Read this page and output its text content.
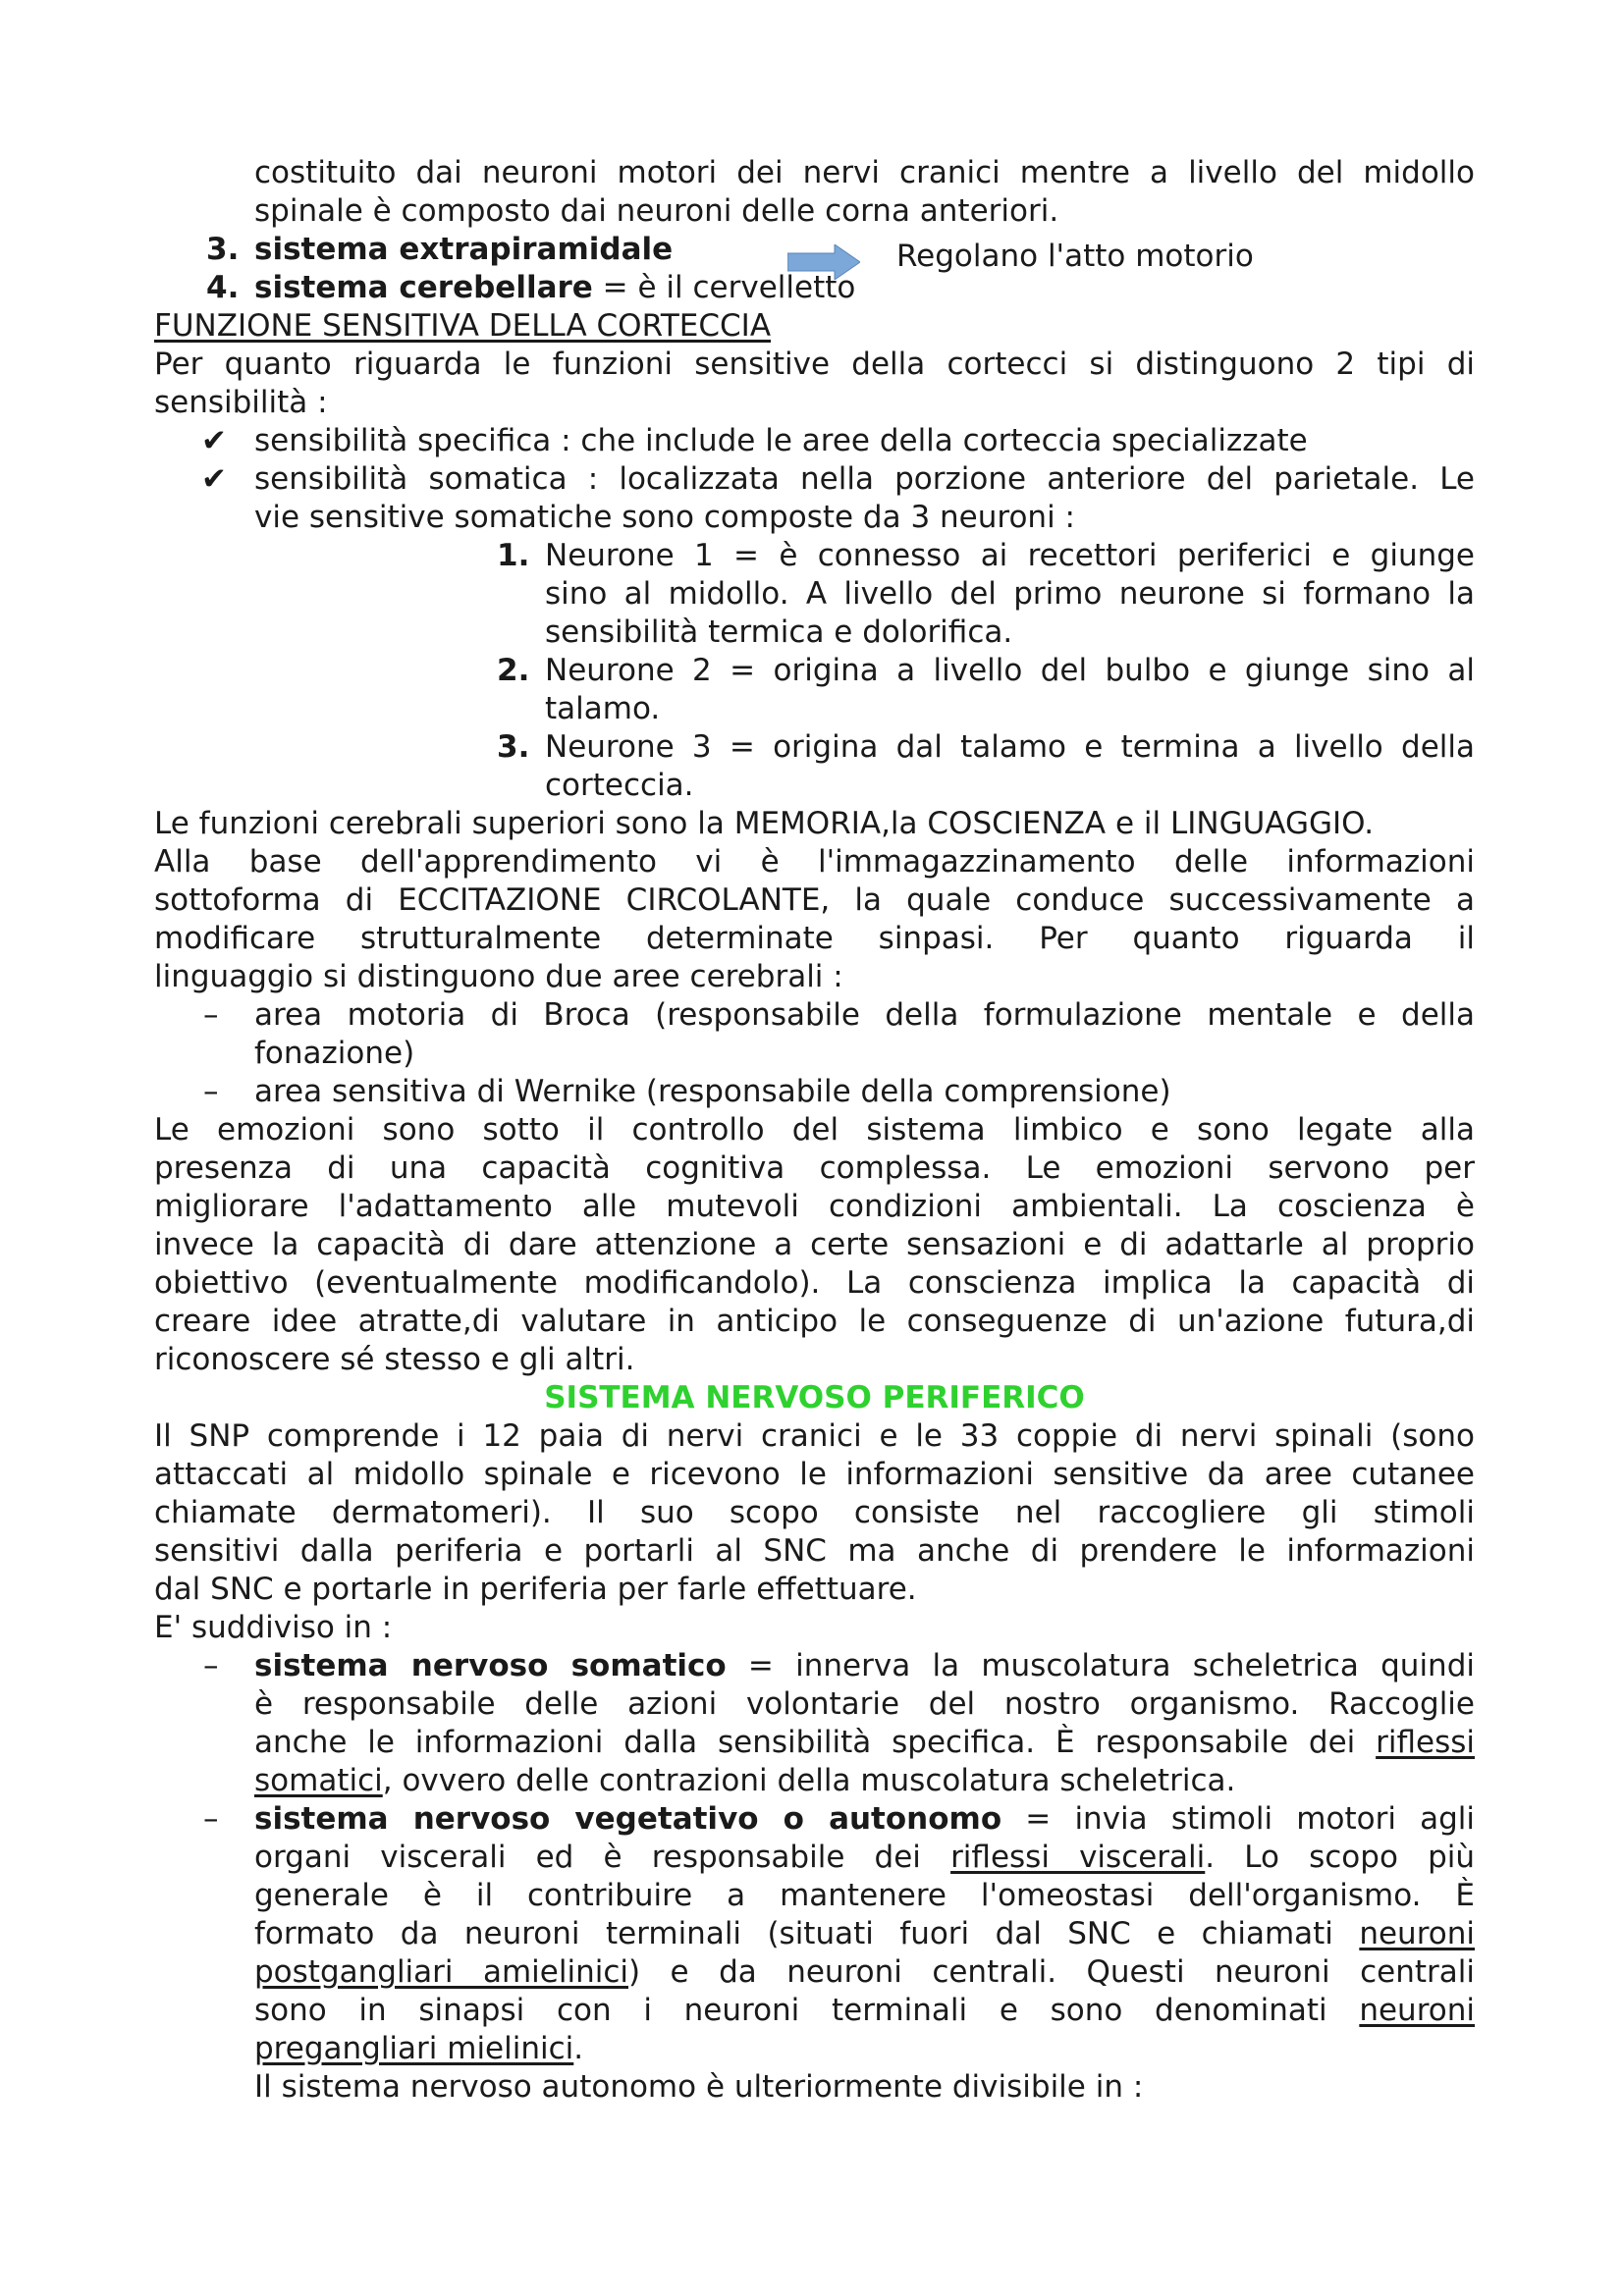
costituito dai neuroni motori dei nervi cranici mentre a livello del midollo
spinale è composto dai neuroni delle corna anteriori.
3. sistema extrapiramidale
4. sistema cerebellare = è il cervelletto
Regolano l'atto motorio
FUNZIONE SENSITIVA DELLA CORTECCIA
Per quanto riguarda le funzioni sensitive della cortecci si distinguono 2 tipi di
sensibilità :
✔ sensibilità specifica : che include le aree della corteccia specializzate
✔ sensibilità somatica : localizzata nella porzione anteriore del parietale. Le
vie sensitive somatiche sono composte da 3 neuroni :
1. Neurone 1 = è connesso ai recettori periferici e giunge
sino al midollo. A livello del primo neurone si formano la
sensibilità termica e dolorifica.
2. Neurone 2 = origina a livello del bulbo e giunge sino al
talamo.
3. Neurone 3 = origina dal talamo e termina a livello della
corteccia.
Le funzioni cerebrali superiori sono la MEMORIA,la COSCIENZA e il LINGUAGGIO.
Alla base dell'apprendimento vi è l'immagazzinamento delle informazioni
sottoforma di ECCITAZIONE CIRCOLANTE, la quale conduce successivamente a
modificare strutturalmente determinate sinpasi. Per quanto riguarda il
linguaggio si distinguono due aree cerebrali :
– area motoria di Broca (responsabile della formulazione mentale e della
fonazione)
– area sensitiva di Wernike (responsabile della comprensione)
Le emozioni sono sotto il controllo del sistema limbico e sono legate alla
presenza di una capacità cognitiva complessa. Le emozioni servono per
migliorare l'adattamento alle mutevoli condizioni ambientali. La coscienza è
invece la capacità di dare attenzione a certe sensazioni e di adattarle al proprio
obiettivo (eventualmente modificandolo). La conscienza implica la capacità di
creare idee atratte,di valutare in anticipo le conseguenze di un'azione futura,di
riconoscere sé stesso e gli altri.
SISTEMA NERVOSO PERIFERICO
Il SNP comprende i 12 paia di nervi cranici e le 33 coppie di nervi spinali (sono
attaccati al midollo spinale e ricevono le informazioni sensitive da aree cutanee
chiamate dermatomeri). Il suo scopo consiste nel raccogliere gli stimoli
sensitivi dalla periferia e portarli al SNC ma anche di prendere le informazioni
dal SNC e portarle in periferia per farle effettuare.
E' suddiviso in :
– sistema nervoso somatico = innerva la muscolatura scheletrica quindi
è responsabile delle azioni volontarie del nostro organismo. Raccoglie
anche le informazioni dalla sensibilità specifica. È responsabile dei riflessi
somatici, ovvero delle contrazioni della muscolatura scheletrica.
– sistema nervoso vegetativo o autonomo = invia stimoli motori agli
organi viscerali ed è responsabile dei riflessi viscerali. Lo scopo più
generale è il contribuire a mantenere l'omeostasi dell'organismo. È
formato da neuroni terminali (situati fuori dal SNC e chiamati neuroni
postgangliari amielinici) e da neuroni centrali. Questi neuroni centrali
sono in sinapsi con i neuroni terminali e sono denominati neuroni
pregangliari mielinici.
Il sistema nervoso autonomo è ulteriormente divisibile in :
